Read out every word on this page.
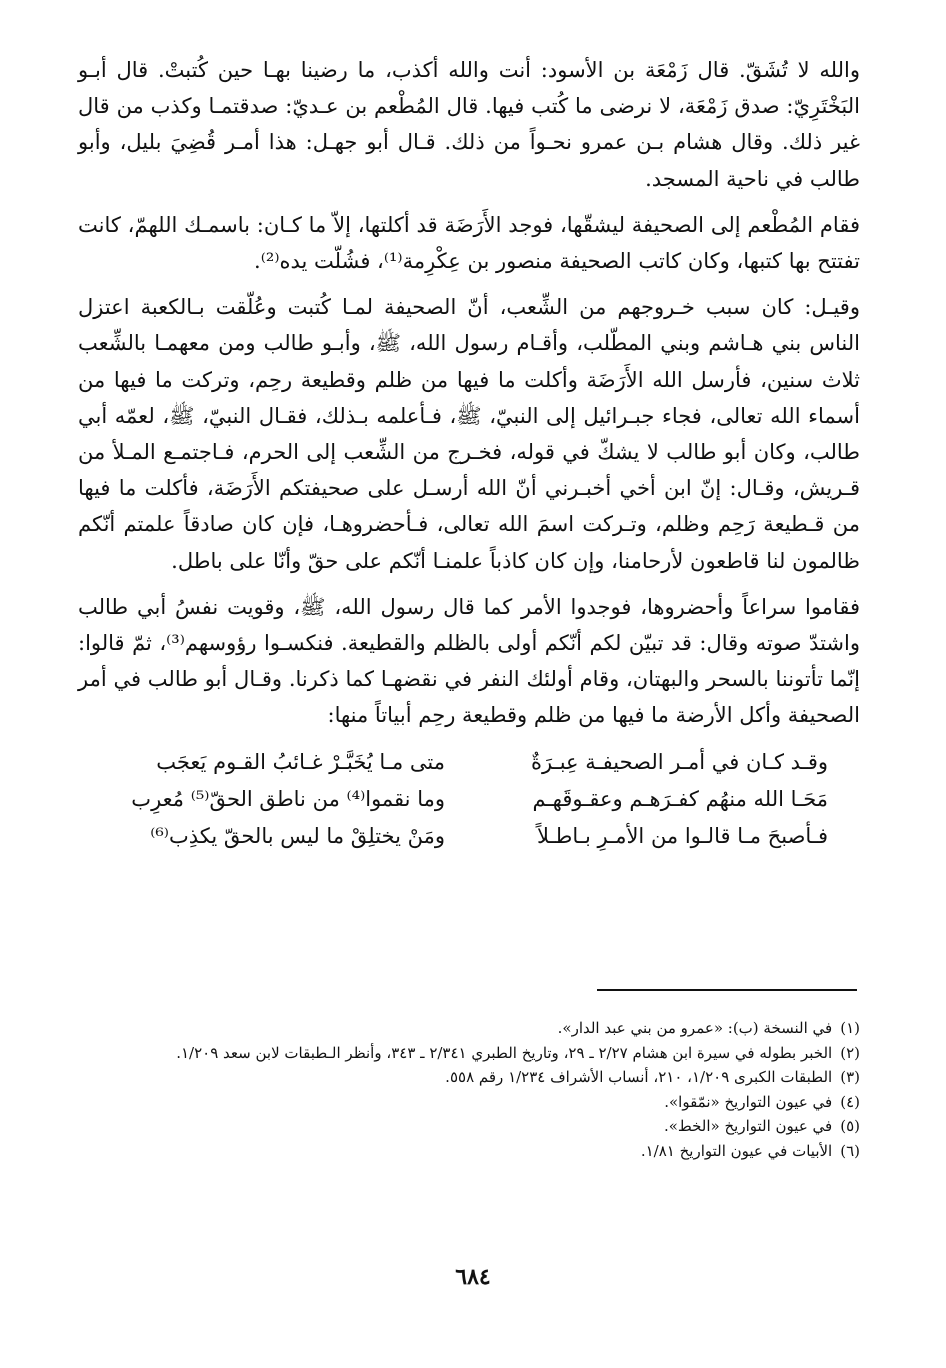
والله لا تُشَقّ. قال زَمْعَة بن الأسود: أنت والله أكذب، ما رضينا بهـا حين كُتبتْ. قال أبـو البَخْتَرِيّ: صدق زَمْعَة، لا نرضى ما كُتب فيها. قال المُطْعم بن عـديّ: صدقتمـا وكذب من قال غير ذلك. وقال هشام بـن عمرو نحـواً من ذلك. قـال أبو جهـل: هذا أمـر قُضِيَ بليل، وأبو طالب في ناحية المسجد.

فقام المُطْعم إلى الصحيفة ليشقّها، فوجد الأَرَضَة قد أكلتها، إلاّ ما كـان: باسمـك اللهمّ، كانت تفتتح بها كتبها، وكان كاتب الصحيفة منصور بن عِكْرِمة⁽¹⁾، فشُلّت يده⁽²⁾.

وقيـل: كان سبب خـروجهم من الشِّعب، أنّ الصحيفة لمـا كُتبت وعُلّقت بـالكعبة اعتزل الناس بني هـاشم وبني المطّلب، وأقـام رسول الله، ﷺ، وأبـو طالب ومن معهمـا بالشِّعب ثلاث سنين، فأرسل الله الأَرَضَة وأكلت ما فيها من ظلم وقطيعة رحِم، وتركت ما فيها من أسماء الله تعالى، فجاء جبـرائيل إلى النبيّ، ﷺ، فـأعلمه بـذلك، فقـال النبيّ، ﷺ، لعمّه أبي طالب، وكان أبو طالب لا يشكّ في قوله، فخـرج من الشِّعب إلى الحرم، فـاجتمـع المـلأ من قـريش، وقـال: إنّ ابن أخي أخبـرني أنّ الله أرسـل على صحيفتكم الأَرَضَة، فأكلت ما فيها من قـطيعة رَحِم وظلم، وتـركت اسمَ الله تعالى، فـأحضروهـا، فإن كان صادقاً علمتم أنّكم ظالمون لنا قاطعون لأرحامنا، وإن كان كاذباً علمنـا أنّكم على حقّ وأنّا على باطل.

فقاموا سراعاً وأحضروها، فوجدوا الأمر كما قال رسول الله، ﷺ، وقويت نفسُ أبي طالب واشتدّ صوته وقال: قد تبيّن لكم أنّكم أولى بالظلم والقطيعة. فنكسـوا رؤوسهم⁽³⁾، ثمّ قالوا: إنّما تأتوننا بالسحر والبهتان، وقام أولئك النفر في نقضهـا كما ذكرنا. وقـال أبو طالب في أمر الصحيفة وأكل الأرضة ما فيها من ظلم وقطيعة رحِم أبياتاً منها:

وقـد كـان في أمـر الصحيفـة عِبـرَةٌ
متى مـا يُخَبَّـرْ غـائبُ القـوم يَعجَب
مَحَـا الله منهُم كفـرَهـم وعقـوقَهـم
وما نقموا⁽⁴⁾ من ناطق الحقّ⁽⁵⁾ مُعرِب
فـأصبحَ مـا قالـوا من الأمـرِ بـاطـلاً
ومَنْ يختلِقْ ما ليس بالحقّ يكذِب⁽⁶⁾
(١)
في النسخة (ب): «عمرو من بني عبد الدار».
(٢)
الخبر بطوله في سيرة ابن هشام ٢/٢٧ ـ ٢٩، وتاريخ الطبري ٢/٣٤١ ـ ٣٤٣، وأنظر الـطبقات لابن سعد ١/٢٠٩.
(٣)
الطبقات الكبرى ١/٢٠٩، ٢١٠، أنساب الأشراف ١/٢٣٤ رقم ٥٥٨.
(٤)
في عيون التواريخ «نمّقوا».
(٥)
في عيون التواريخ «الخط».
(٦)
الأبيات في عيون التواريخ ١/٨١.
٦٨٤
